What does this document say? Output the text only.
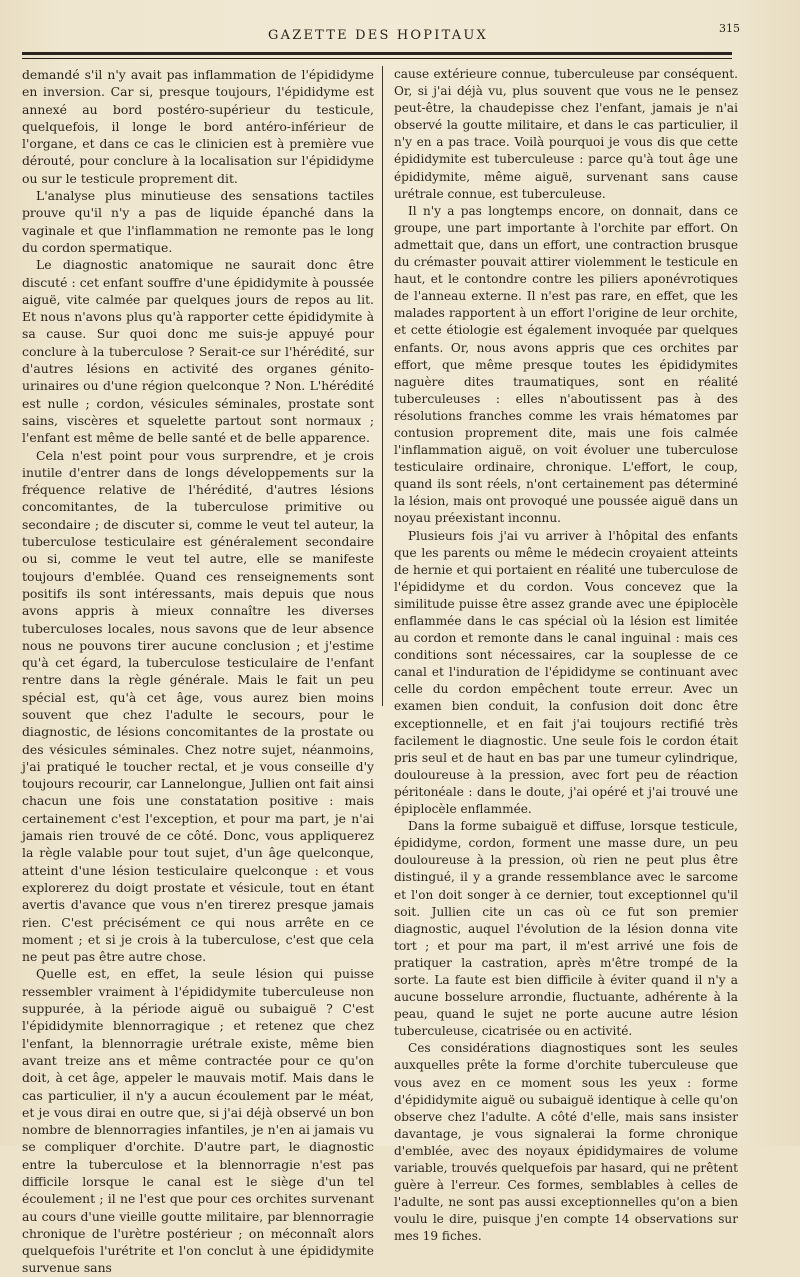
GAZETTE DES HOPITAUX	315

demandé s'il n'y avait pas inflammation de l'épididyme en inversion. Car si, presque toujours, l'épididyme est annexé au bord postéro-supérieur du testicule, quelquefois, il longe le bord antéro-inférieur de l'organe, et dans ce cas le clinicien est à première vue dérouté, pour conclure à la localisation sur l'épididyme ou sur le testicule proprement dit.

L'analyse plus minutieuse des sensations tactiles prouve qu'il n'y a pas de liquide épanché dans la vaginale et que l'inflammation ne remonte pas le long du cordon spermatique.

Le diagnostic anatomique ne saurait donc être discuté : cet enfant souffre d'une épididymite à poussée aiguë, vite calmée par quelques jours de repos au lit. Et nous n'avons plus qu'à rapporter cette épididymite à sa cause. Sur quoi donc me suis-je appuyé pour conclure à la tuberculose ? Serait-ce sur l'hérédité, sur d'autres lésions en activité des organes génito-urinaires ou d'une région quelconque ? Non. L'hérédité est nulle ; cordon, vésicules séminales, prostate sont sains, viscères et squelette partout sont normaux ; l'enfant est même de belle santé et de belle apparence.

Cela n'est point pour vous surprendre, et je crois inutile d'entrer dans de longs développements sur la fréquence relative de l'hérédité, d'autres lésions concomitantes, de la tuberculose primitive ou secondaire ; de discuter si, comme le veut tel auteur, la tuberculose testiculaire est généralement secondaire ou si, comme le veut tel autre, elle se manifeste toujours d'emblée. Quand ces renseignements sont positifs ils sont intéressants, mais depuis que nous avons appris à mieux connaître les diverses tuberculoses locales, nous savons que de leur absence nous ne pouvons tirer aucune conclusion ; et j'estime qu'à cet égard, la tuberculose testiculaire de l'enfant rentre dans la règle générale. Mais le fait un peu spécial est, qu'à cet âge, vous aurez bien moins souvent que chez l'adulte le secours, pour le diagnostic, de lésions concomitantes de la prostate ou des vésicules séminales. Chez notre sujet, néanmoins, j'ai pratiqué le toucher rectal, et je vous conseille d'y toujours recourir, car Lannelongue, Jullien ont fait ainsi chacun une fois une constatation positive : mais certainement c'est l'exception, et pour ma part, je n'ai jamais rien trouvé de ce côté. Donc, vous appliquerez la règle valable pour tout sujet, d'un âge quelconque, atteint d'une lésion testiculaire quelconque : et vous explorerez du doigt prostate et vésicule, tout en étant avertis d'avance que vous n'en tirerez presque jamais rien. C'est précisément ce qui nous arrête en ce moment ; et si je crois à la tuberculose, c'est que cela ne peut pas être autre chose.

Quelle est, en effet, la seule lésion qui puisse ressembler vraiment à l'épididymite tuberculeuse non suppurée, à la période aiguë ou subaiguë ? C'est l'épididymite blennorragique ; et retenez que chez l'enfant, la blennorragie urétrale existe, même bien avant treize ans et même contractée pour ce qu'on doit, à cet âge, appeler le mauvais motif. Mais dans le cas particulier, il n'y a aucun écoulement par le méat, et je vous dirai en outre que, si j'ai déjà observé un bon nombre de blennorragies infantiles, je n'en ai jamais vu se compliquer d'orchite. D'autre part, le diagnostic entre la tuberculose et la blennorragie n'est pas difficile lorsque le canal est le siège d'un tel écoulement ; il ne l'est que pour ces orchites survenant au cours d'une vieille goutte militaire, par blennorragie chronique de l'urètre postérieur ; on méconnaît alors quelquefois l'urétrite et l'on conclut à une épididymite survenue sans

cause extérieure connue, tuberculeuse par conséquent. Or, si j'ai déjà vu, plus souvent que vous ne le pensez peut-être, la chaudepisse chez l'enfant, jamais je n'ai observé la goutte militaire, et dans le cas particulier, il n'y en a pas trace. Voilà pourquoi je vous dis que cette épididymite est tuberculeuse : parce qu'à tout âge une épididymite, même aiguë, survenant sans cause urétrale connue, est tuberculeuse.

Il n'y a pas longtemps encore, on donnait, dans ce groupe, une part importante à l'orchite par effort. On admettait que, dans un effort, une contraction brusque du crémaster pouvait attirer violemment le testicule en haut, et le contondre contre les piliers aponévrotiques de l'anneau externe. Il n'est pas rare, en effet, que les malades rapportent à un effort l'origine de leur orchite, et cette étiologie est également invoquée par quelques enfants. Or, nous avons appris que ces orchites par effort, que même presque toutes les épididymites naguère dites traumatiques, sont en réalité tuberculeuses : elles n'aboutissent pas à des résolutions franches comme les vrais hématomes par contusion proprement dite, mais une fois calmée l'inflammation aiguë, on voit évoluer une tuberculose testiculaire ordinaire, chronique. L'effort, le coup, quand ils sont réels, n'ont certainement pas déterminé la lésion, mais ont provoqué une poussée aiguë dans un noyau préexistant inconnu.

Plusieurs fois j'ai vu arriver à l'hôpital des enfants que les parents ou même le médecin croyaient atteints de hernie et qui portaient en réalité une tuberculose de l'épididyme et du cordon. Vous concevez que la similitude puisse être assez grande avec une épiplocèle enflammée dans le cas spécial où la lésion est limitée au cordon et remonte dans le canal inguinal : mais ces conditions sont nécessaires, car la souplesse de ce canal et l'induration de l'épididyme se continuant avec celle du cordon empêchent toute erreur. Avec un examen bien conduit, la confusion doit donc être exceptionnelle, et en fait j'ai toujours rectifié très facilement le diagnostic. Une seule fois le cordon était pris seul et de haut en bas par une tumeur cylindrique, douloureuse à la pression, avec fort peu de réaction péritonéale : dans le doute, j'ai opéré et j'ai trouvé une épiplocèle enflammée.

Dans la forme subaiguë et diffuse, lorsque testicule, épididyme, cordon, forment une masse dure, un peu douloureuse à la pression, où rien ne peut plus être distingué, il y a grande ressemblance avec le sarcome et l'on doit songer à ce dernier, tout exceptionnel qu'il soit. Jullien cite un cas où ce fut son premier diagnostic, auquel l'évolution de la lésion donna vite tort ; et pour ma part, il m'est arrivé une fois de pratiquer la castration, après m'être trompé de la sorte. La faute est bien difficile à éviter quand il n'y a aucune bosselure arrondie, fluctuante, adhérente à la peau, quand le sujet ne porte aucune autre lésion tuberculeuse, cicatrisée ou en activité.

Ces considérations diagnostiques sont les seules auxquelles prête la forme d'orchite tuberculeuse que vous avez en ce moment sous les yeux : forme d'épididymite aiguë ou subaiguë identique à celle qu'on observe chez l'adulte. A côté d'elle, mais sans insister davantage, je vous signalerai la forme chronique d'emblée, avec des noyaux épididymaires de volume variable, trouvés quelquefois par hasard, qui ne prêtent guère à l'erreur. Ces formes, semblables à celles de l'adulte, ne sont pas aussi exceptionnelles qu'on a bien voulu le dire, puisque j'en compte 14 observations sur mes 19 fiches.
